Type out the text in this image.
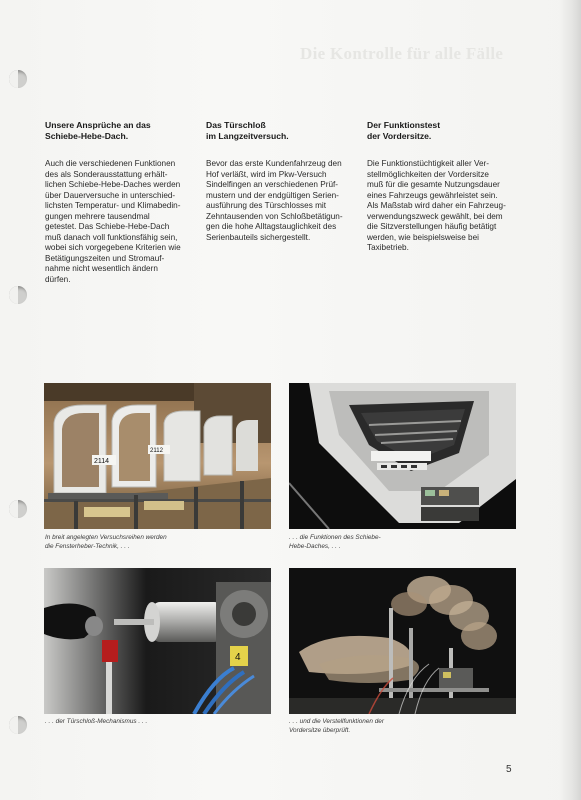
Die Kontrolle für alle Fälle
Unsere Ansprüche an das
Schiebe-Hebe-Dach.

Auch die verschiedenen Funktionen
des als Sonderausstattung erhält-
lichen Schiebe-Hebe-Daches werden
über Dauerversuche in unterschied-
lichsten Temperatur- und Klimabedin-
gungen mehrere tausendmal
getestet. Das Schiebe-Hebe-Dach
muß danach voll funktionsfähig sein,
wobei sich vorgegebene Kriterien wie
Betätigungszeiten und Stromauf-
nahme nicht wesentlich ändern
dürfen.

Das Türschloß
im Langzeitversuch.

Bevor das erste Kundenfahrzeug den
Hof verläßt, wird im Pkw-Versuch
Sindelfingen an verschiedenen Prüf-
mustern und der endgültigen Serien-
ausführung des Türschlosses mit
Zehntausenden von Schloßbetätigun-
gen die hohe Alltagstauglichkeit des
Serienbauteils sichergestellt.

Der Funktionstest
der Vordersitze.

Die Funktionstüchtigkeit aller Ver-
stellmöglichkeiten der Vordersitze
muß für die gesamte Nutzungsdauer
eines Fahrzeugs gewährleistet sein.
Als Maßstab wird daher ein Fahrzeug-
verwendungszweck gewählt, bei dem
die Sitzverstellungen häufig betätigt
werden, wie beispielsweise bei
Taxibetrieb.

2114
2112
In breit angelegten Versuchsreihen werden
die Fensterheber-Technik, . . .
. . . die Funktionen des Schiebe-
Hebe-Daches, . . .
4
. . . der Türschloß-Mechanismus . . .	. . . und die Verstellfunktionen der
Vordersitze überprüft.
5
